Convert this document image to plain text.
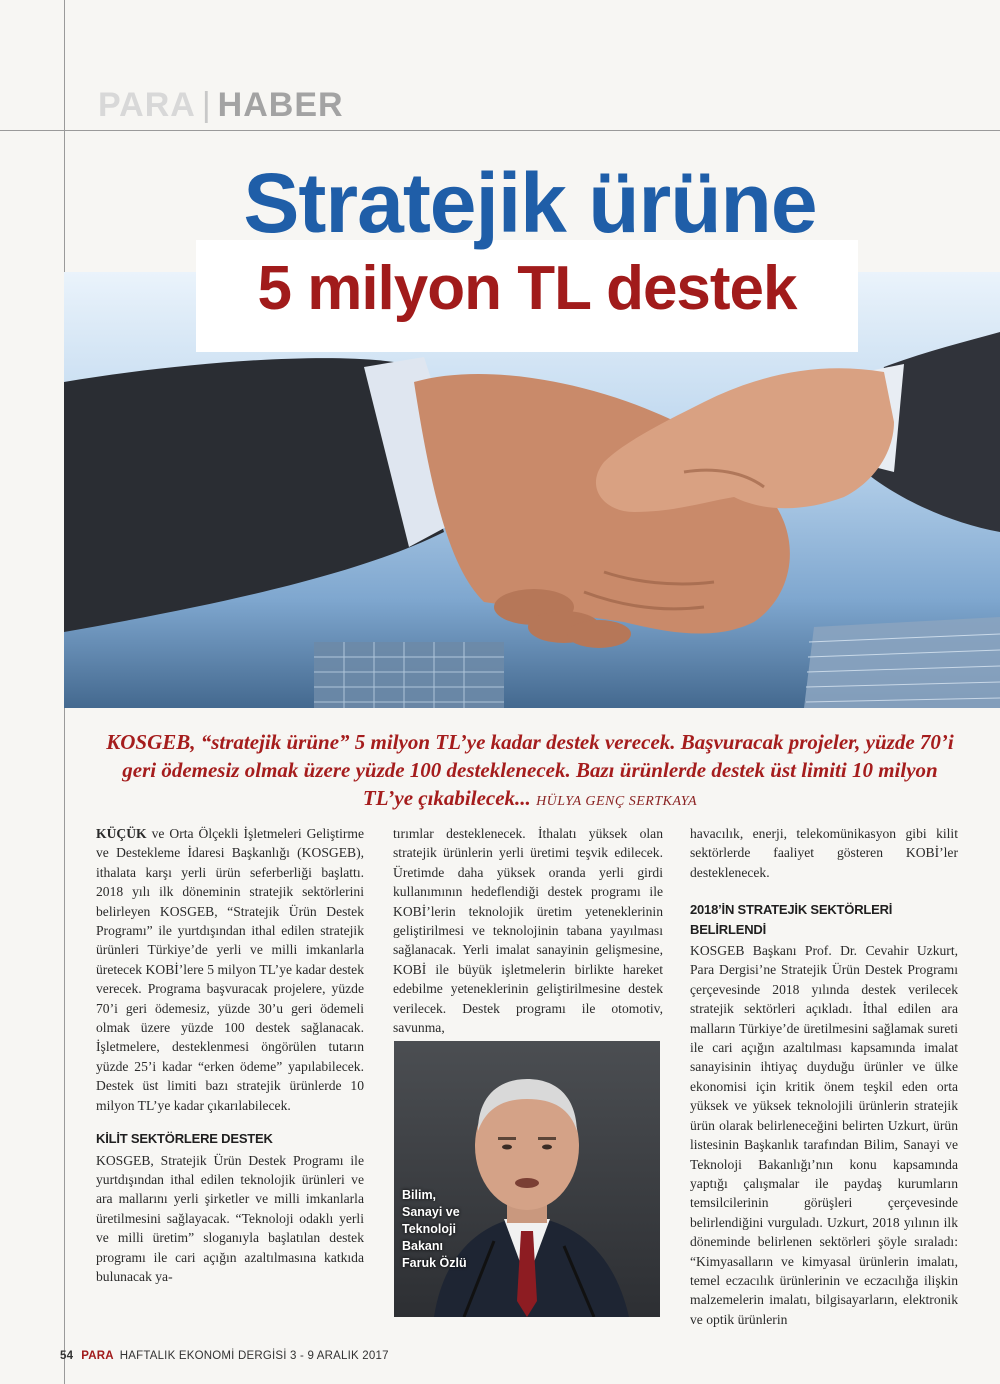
PARA | HABER
Stratejik ürüne
5 milyon TL destek
KOSGEB, “stratejik ürüne” 5 milyon TL’ye kadar destek verecek. Başvuracak projeler, yüzde 70’i geri ödemesiz olmak üzere yüzde 100 desteklenecek. Bazı ürünlerde destek üst limiti 10 milyon TL’ye çıkabilecek... HÜLYA GENÇ SERTKAYA

KÜÇÜK ve Orta Ölçekli İşletmeleri Geliştirme ve Destekleme İdaresi Başkanlığı (KOSGEB), ithalata karşı yerli ürün seferberliği başlattı. 2018 yılı ilk döneminin stratejik sektörlerini belirleyen KOSGEB, “Stratejik Ürün Destek Programı” ile yurtdışından ithal edilen stratejik ürünleri Türkiye’de yerli ve milli imkanlarla üretecek KOBİ’lere 5 milyon TL’ye kadar destek verecek. Programa başvuracak projelere, yüzde 70’i geri ödemesiz, yüzde 30’u geri ödemeli olmak üzere yüzde 100 destek sağlanacak. İşletmelere, desteklenmesi öngörülen tutarın yüzde 25’i kadar “erken ödeme” yapılabilecek. Destek üst limiti bazı stratejik ürünlerde 10 milyon TL’ye kadar çıkarılabilecek.

KİLİT SEKTÖRLERE DESTEK

KOSGEB, Stratejik Ürün Destek Programı ile yurtdışından ithal edilen teknolojik ürünleri ve ara mallarını yerli şirketler ve milli imkanlarla üretilmesini sağlayacak. “Teknoloji odaklı yerli ve milli üretim” sloganıyla başlatılan destek programı ile cari açığın azaltılmasına katkıda bulunacak ya-

tırımlar desteklenecek. İthalatı yüksek olan stratejik ürünlerin yerli üretimi teşvik edilecek. Üretimde daha yüksek oranda yerli girdi kullanımının hedeflendiği destek programı ile KOBİ’lerin teknolojik üretim yeteneklerinin geliştirilmesi ve teknolojinin tabana yayılması sağlanacak. Yerli imalat sanayinin gelişmesine, KOBİ ile büyük işletmelerin birlikte hareket edebilme yeteneklerinin geliştirilmesine destek verilecek. Destek programı ile otomotiv, savunma,

Bilim,
Sanayi ve
Teknoloji
Bakanı
Faruk Özlü

havacılık, enerji, telekomünikasyon gibi kilit sektörlerde faaliyet gösteren KOBİ’ler desteklenecek.

2018’İN STRATEJİK SEKTÖRLERİ BELİRLENDİ

KOSGEB Başkanı Prof. Dr. Cevahir Uzkurt, Para Dergisi’ne Stratejik Ürün Destek Programı çerçevesinde 2018 yılında destek verilecek stratejik sektörleri açıkladı. İthal edilen ara malların Türkiye’de üretilmesini sağlamak sureti ile cari açığın azaltılması kapsamında imalat sanayisinin ihtiyaç duyduğu ürünler ve ülke ekonomisi için kritik önem teşkil eden orta yüksek ve yüksek teknolojili ürünlerin stratejik ürün olarak belirleneceğini belirten Uzkurt, ürün listesinin Başkanlık tarafından Bilim, Sanayi ve Teknoloji Bakanlığı’nın konu kapsamında yaptığı çalışmalar ile paydaş kurumların temsilcilerinin görüşleri çerçevesinde belirlendiğini vurguladı. Uzkurt, 2018 yılının ilk döneminde belirlenen sektörleri şöyle sıraladı: “Kimyasalların ve kimyasal ürünlerin imalatı, temel eczacılık ürünlerinin ve eczacılığa ilişkin malzemelerin imalatı, bilgisayarların, elektronik ve optik ürünlerin

54 PARA HAFTALIK EKONOMİ DERGİSİ 3 - 9 ARALIK 2017
